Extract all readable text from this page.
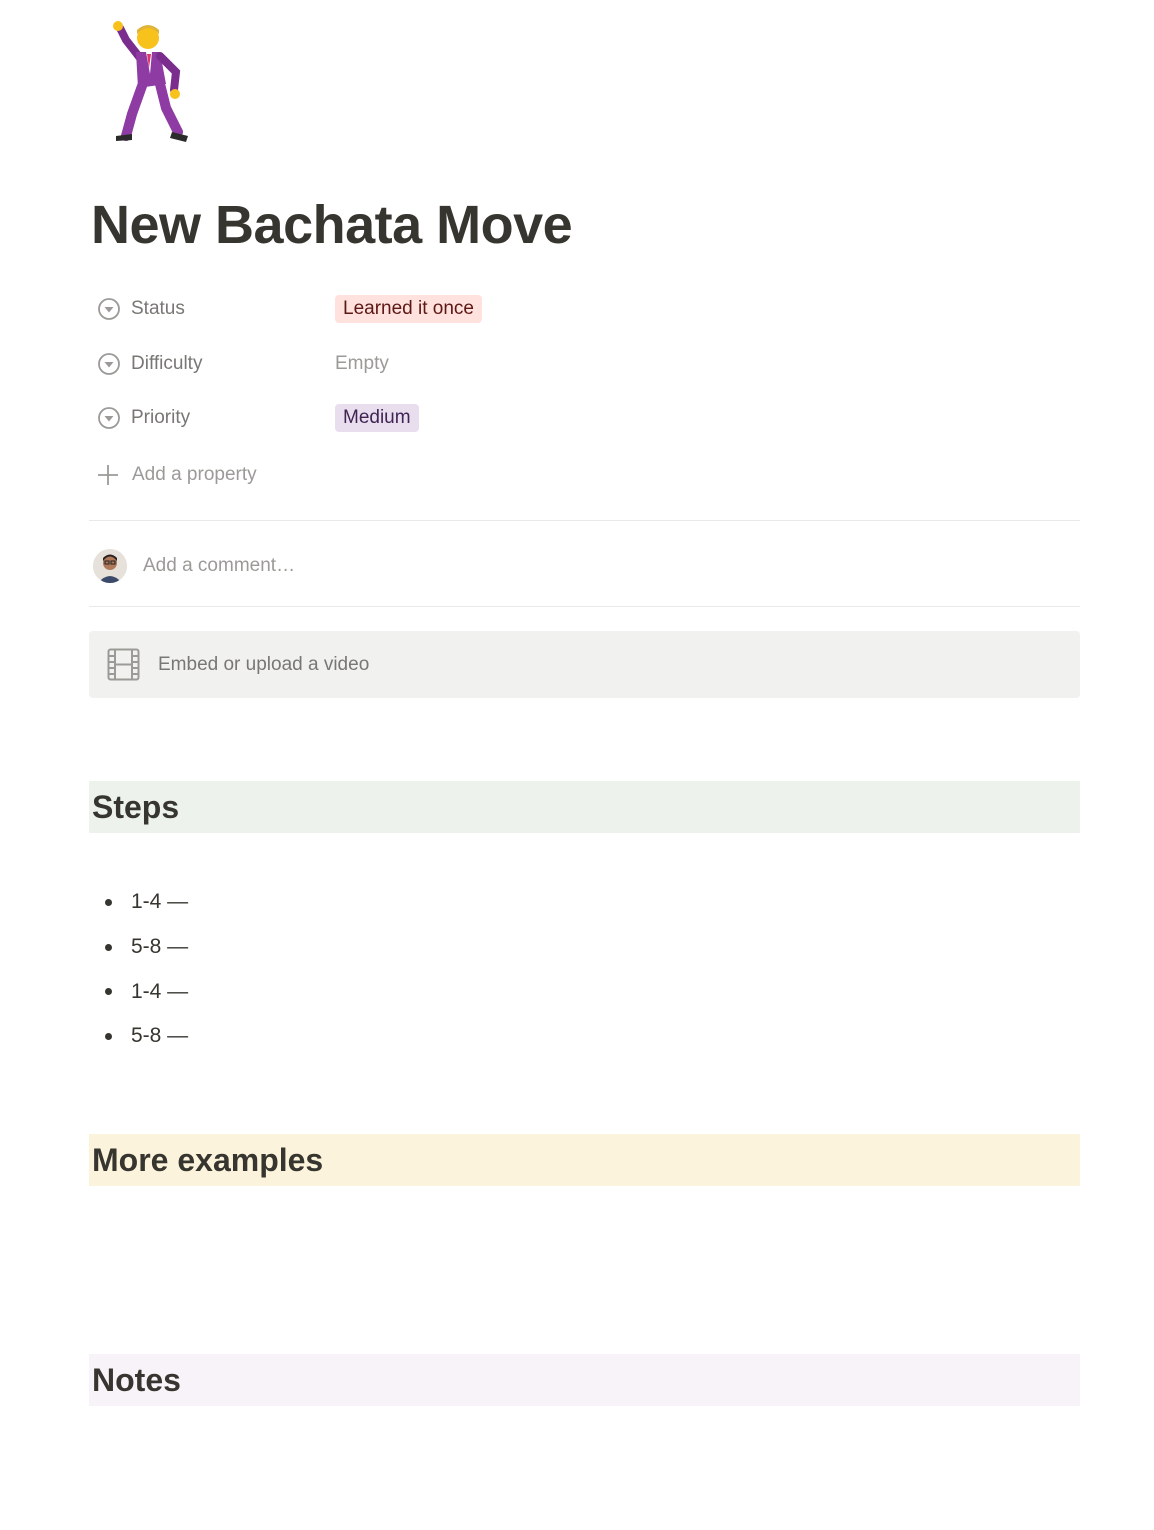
New Bachata Move
Status	Learned it once
Difficulty	Empty
Priority	Medium
Add a property
Add a comment…
Embed or upload a video
Steps
1-4 —
5-8 —
1-4 —
5-8 —
More examples
Notes
